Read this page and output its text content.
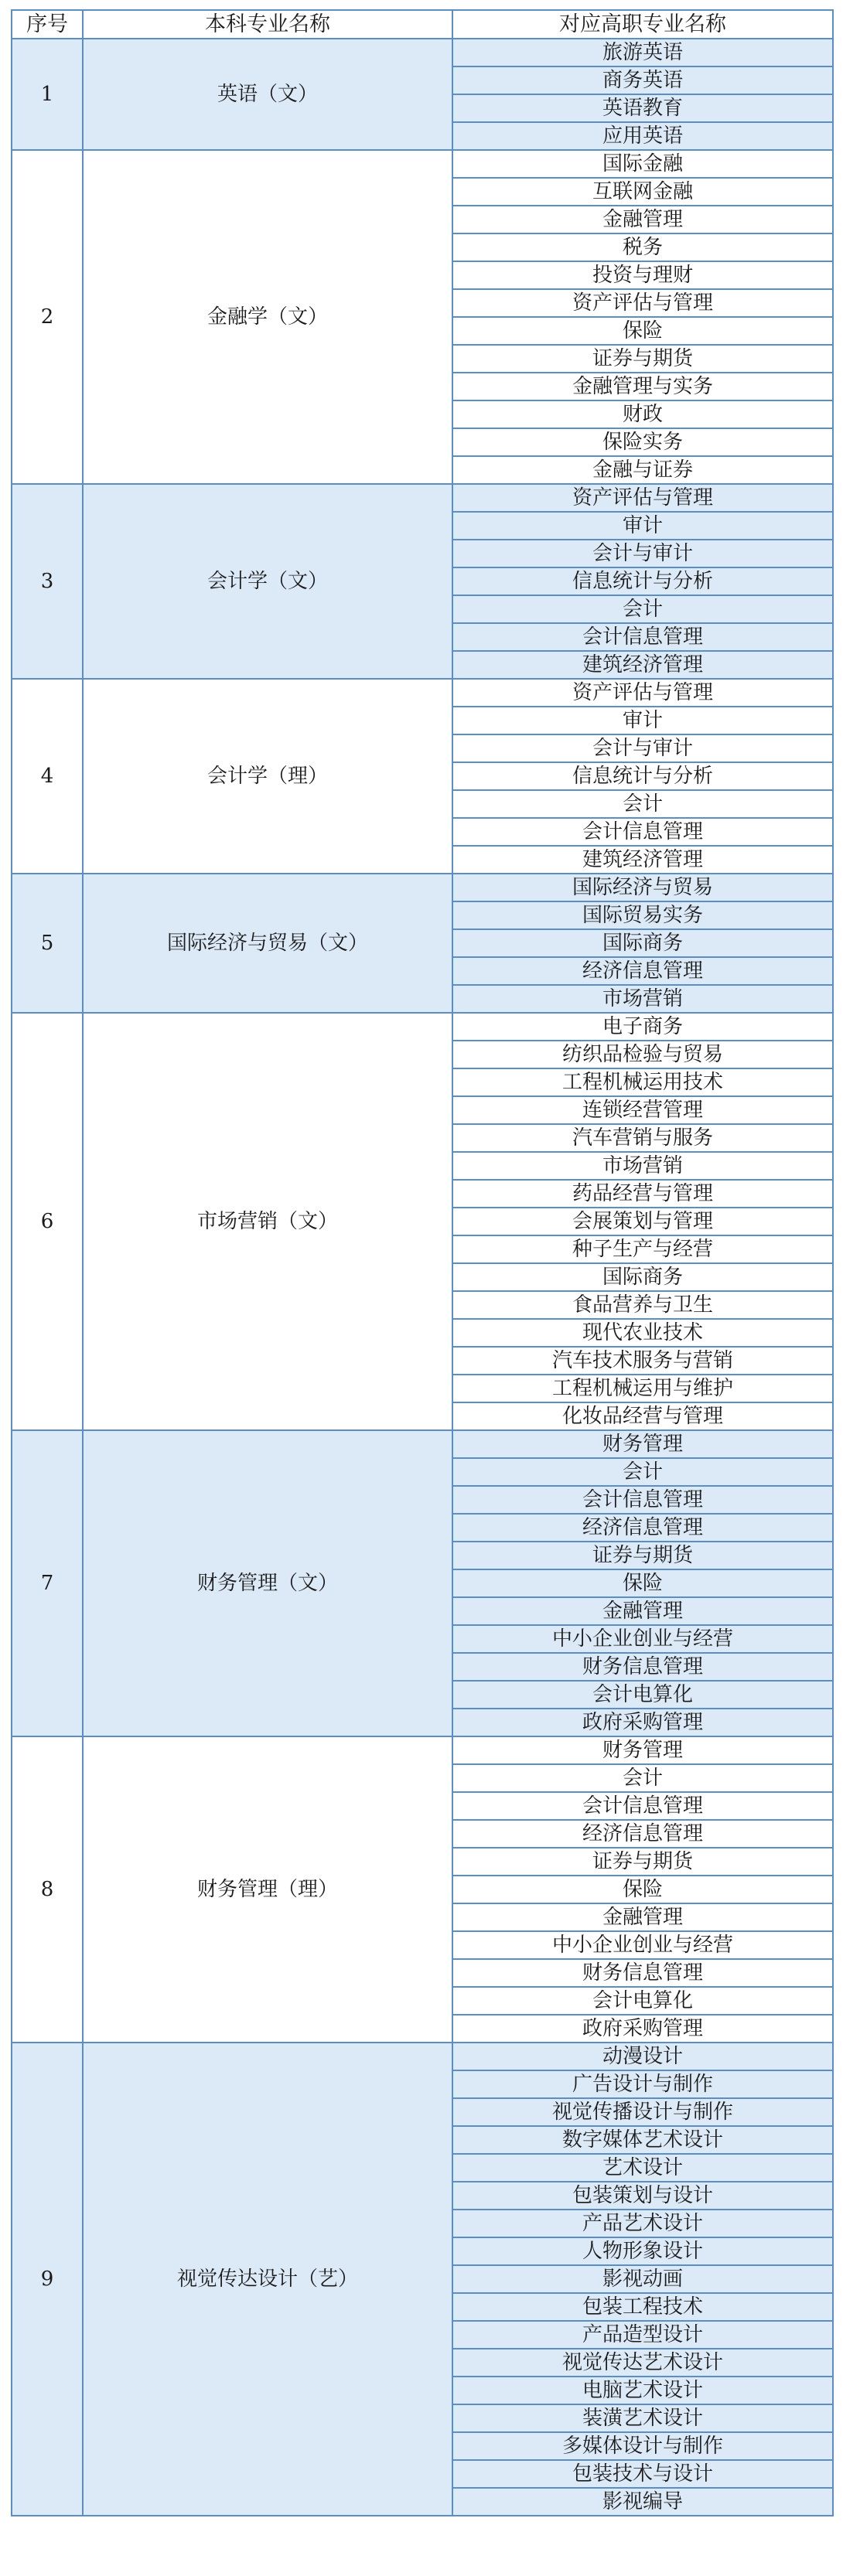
序号	本科专业名称	对应高职专业名称
1	英语（文）	旅游英语
		商务英语
		英语教育
		应用英语
2	金融学（文）	国际金融
		互联网金融
		金融管理
		税务
		投资与理财
		资产评估与管理
		保险
		证券与期货
		金融管理与实务
		财政
		保险实务
		金融与证券
3	会计学（文）	资产评估与管理
		审计
		会计与审计
		信息统计与分析
		会计
		会计信息管理
		建筑经济管理
4	会计学（理）	资产评估与管理
		审计
		会计与审计
		信息统计与分析
		会计
		会计信息管理
		建筑经济管理
5	国际经济与贸易（文）	国际经济与贸易
		国际贸易实务
		国际商务
		经济信息管理
		市场营销
6	市场营销（文）	电子商务
		纺织品检验与贸易
		工程机械运用技术
		连锁经营管理
		汽车营销与服务
		市场营销
		药品经营与管理
		会展策划与管理
		种子生产与经营
		国际商务
		食品营养与卫生
		现代农业技术
		汽车技术服务与营销
		工程机械运用与维护
		化妆品经营与管理
7	财务管理（文）	财务管理
		会计
		会计信息管理
		经济信息管理
		证券与期货
		保险
		金融管理
		中小企业创业与经营
		财务信息管理
		会计电算化
		政府采购管理
8	财务管理（理）	财务管理
		会计
		会计信息管理
		经济信息管理
		证券与期货
		保险
		金融管理
		中小企业创业与经营
		财务信息管理
		会计电算化
		政府采购管理
9	视觉传达设计（艺）	动漫设计
		广告设计与制作
		视觉传播设计与制作
		数字媒体艺术设计
		艺术设计
		包装策划与设计
		产品艺术设计
		人物形象设计
		影视动画
		包装工程技术
		产品造型设计
		视觉传达艺术设计
		电脑艺术设计
		装潢艺术设计
		多媒体设计与制作
		包装技术与设计
		影视编导
